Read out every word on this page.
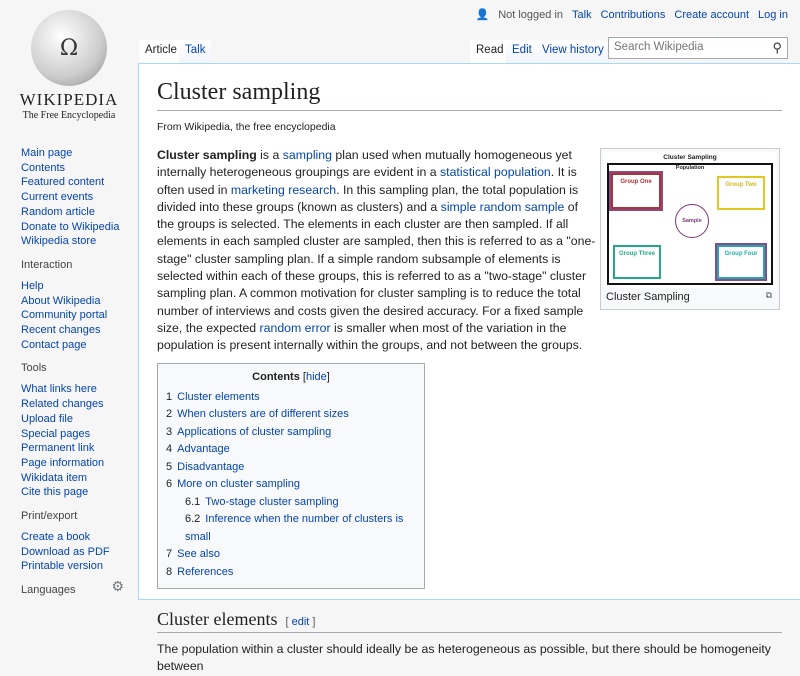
👤 Not logged in Talk Contributions Create account Log in
Ω
WIKIPEDIA
The Free Encyclopedia
Main page
Contents
Featured content
Current events
Random article
Donate to Wikipedia
Wikipedia store
Interaction
Help
About Wikipedia
Community portal
Recent changes
Contact page
Tools
What links here
Related changes
Upload file
Special pages
Permanent link
Page information
Wikidata item
Cite this page
Print/export
Create a book
Download as PDF
Printable version
Languages	⚙
Article Talk	Read Edit View history Search Wikipedia	⚲
Cluster sampling
From Wikipedia, the free encyclopedia
Cluster Sampling
Population
Group One	Group Two
Group Three	Group Four
Sample
Cluster Sampling	⧉

Cluster sampling is a sampling plan used when mutually homogeneous yet internally heterogeneous groupings are evident in a statistical population. It is often used in marketing research. In this sampling plan, the total population is divided into these groups (known as clusters) and a simple random sample of the groups is selected. The elements in each cluster are then sampled. If all elements in each sampled cluster are sampled, then this is referred to as a "one-stage" cluster sampling plan. If a simple random subsample of elements is selected within each of these groups, this is referred to as a "two-stage" cluster sampling plan. A common motivation for cluster sampling is to reduce the total number of interviews and costs given the desired accuracy. For a fixed sample size, the expected random error is smaller when most of the variation in the population is present internally within the groups, and not between the groups.

Contents [hide]
1 Cluster elements
2 When clusters are of different sizes
3 Applications of cluster sampling
4 Advantage
5 Disadvantage
6 More on cluster sampling
6.1 Two-stage cluster sampling
6.2 Inference when the number of clusters is small
7 See also
8 References
Cluster elements [ edit ]

The population within a cluster should ideally be as heterogeneous as possible, but there should be homogeneity between
